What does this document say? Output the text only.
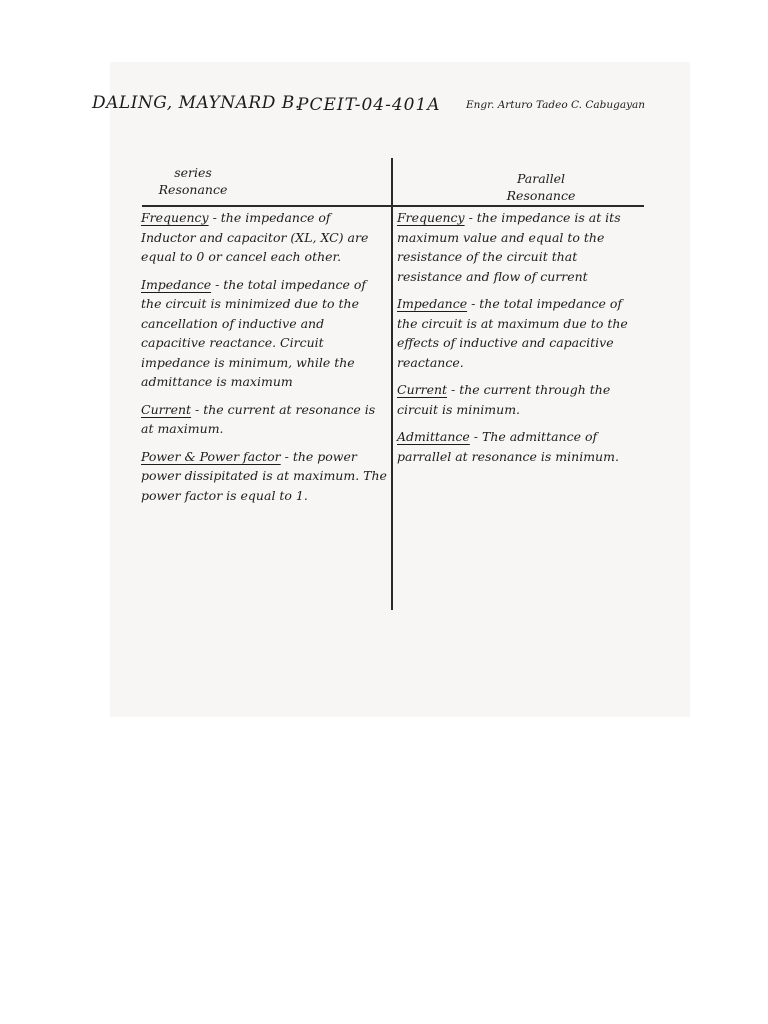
DALING, MAYNARD B.
PCEIT-04-401A Engr. Arturo Tadeo C. Cabugayan
series
Resonance
Parallel
Resonance
Frequency - the impedance of Inductor and capacitor (XL, XC) are equal to 0 or cancel each other.
Impedance - the total impedance of the circuit is minimized due to the cancellation of inductive and capacitive reactance. Circuit impedance is minimum, while the admittance is maximum
Current - the current at resonance is at maximum.
Power & Power factor - the power power dissipitated is at maximum. The power factor is equal to 1.
Frequency - the impedance is at its maximum value and equal to the resistance of the circuit that resistance and flow of current
Impedance - the total impedance of the circuit is at maximum due to the effects of inductive and capacitive reactance.
Current - the current through the circuit is minimum.
Admittance - The admittance of parrallel at resonance is minimum.
